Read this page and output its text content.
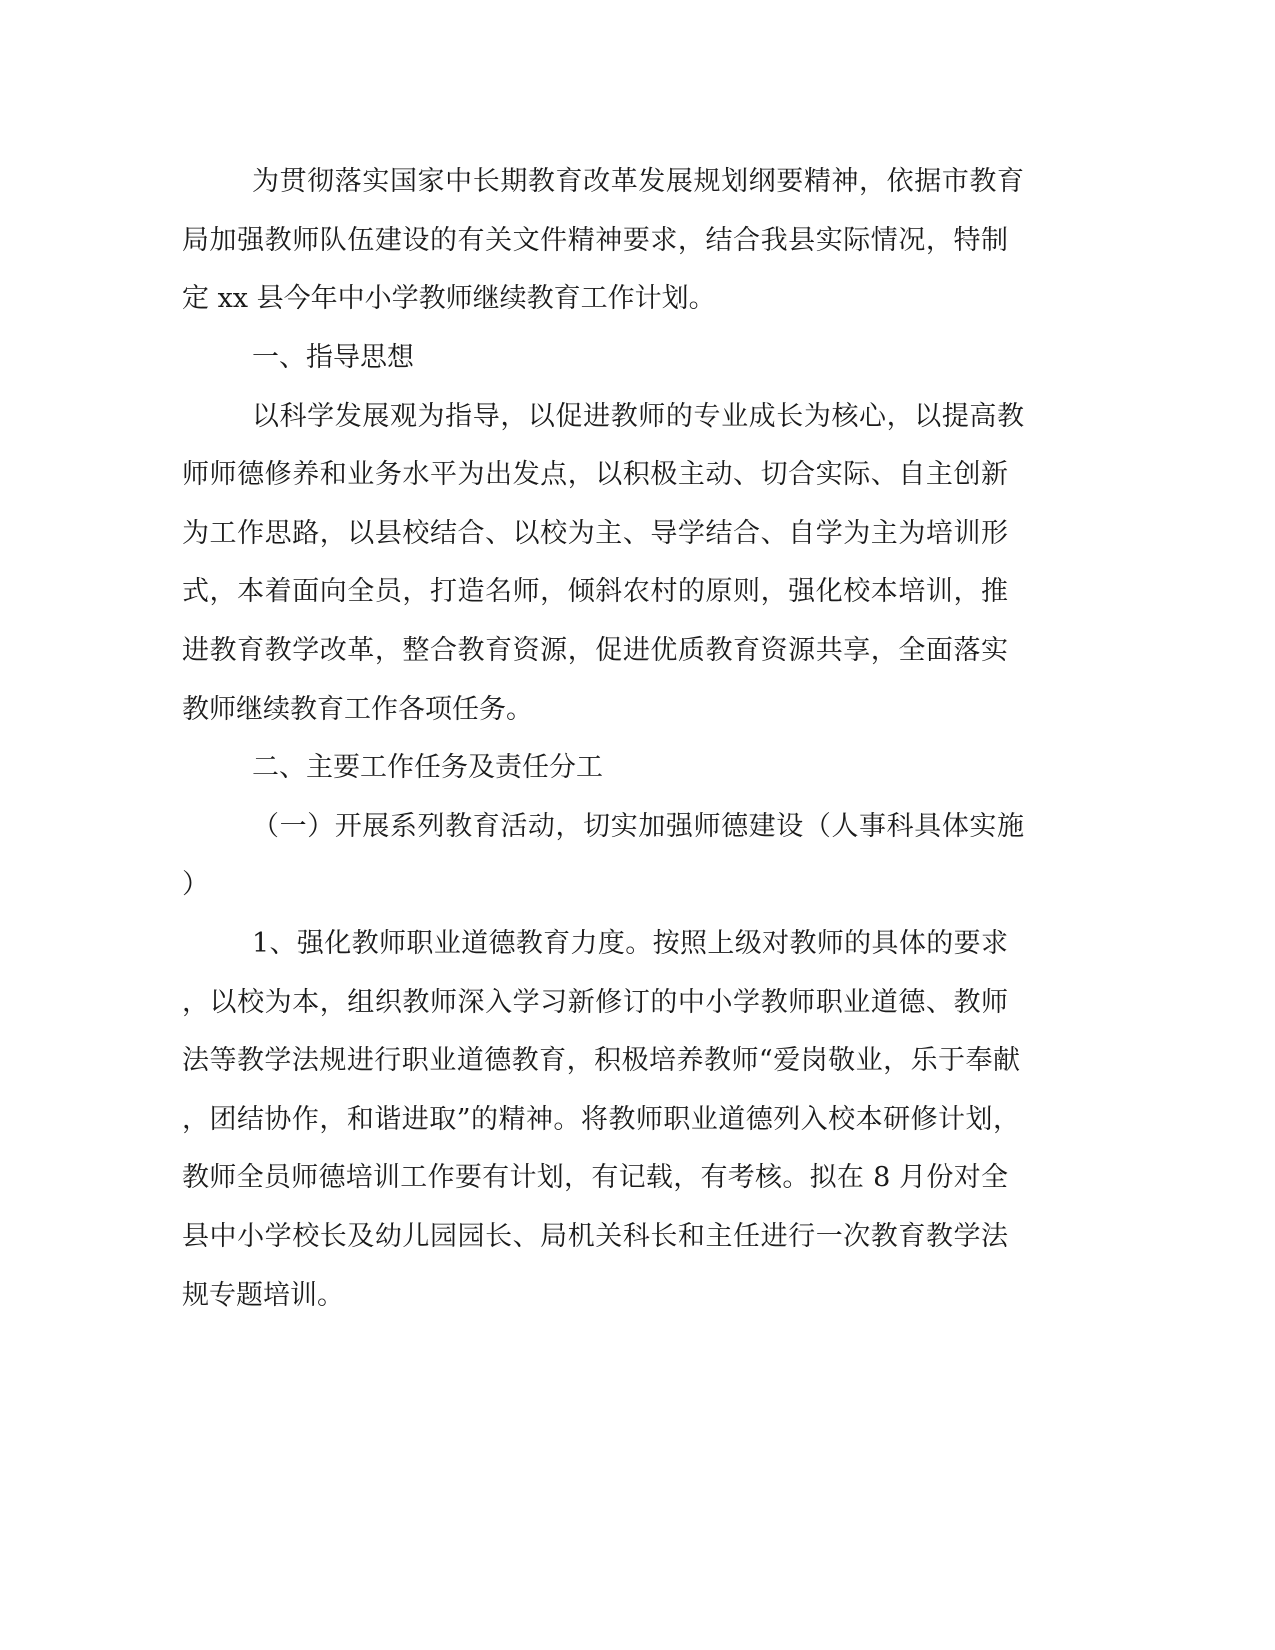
为贯彻落实国家中长期教育改革发展规划纲要精神，依据市教育
局加强教师队伍建设的有关文件精神要求，结合我县实际情况，特制
定 xx 县今年中小学教师继续教育工作计划。
一、指导思想
以科学发展观为指导，以促进教师的专业成长为核心，以提高教
师师德修养和业务水平为出发点，以积极主动、切合实际、自主创新
为工作思路，以县校结合、以校为主、导学结合、自学为主为培训形
式，本着面向全员，打造名师，倾斜农村的原则，强化校本培训，推
进教育教学改革，整合教育资源，促进优质教育资源共享，全面落实
教师继续教育工作各项任务。
二、主要工作任务及责任分工
（一）开展系列教育活动，切实加强师德建设（人事科具体实施
）
1、强化教师职业道德教育力度。按照上级对教师的具体的要求
，以校为本，组织教师深入学习新修订的中小学教师职业道德、教师
法等教学法规进行职业道德教育，积极培养教师“爱岗敬业，乐于奉献
，团结协作，和谐进取”的精神。将教师职业道德列入校本研修计划，
教师全员师德培训工作要有计划，有记载，有考核。拟在 8 月份对全
县中小学校长及幼儿园园长、局机关科长和主任进行一次教育教学法
规专题培训。
